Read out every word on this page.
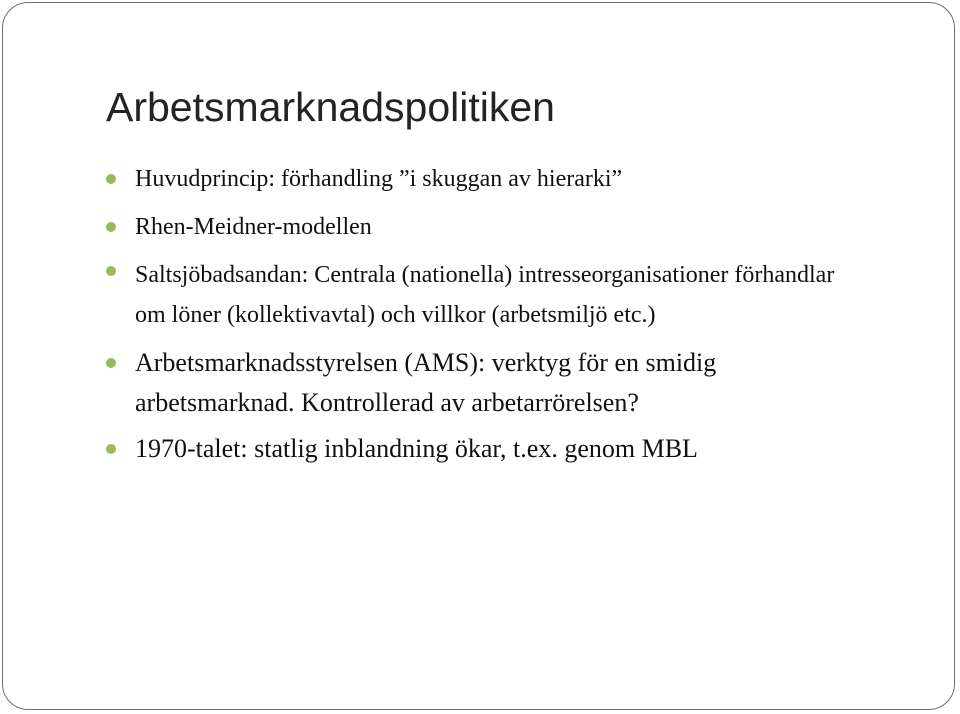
Arbetsmarknadspolitiken
Huvudprincip: förhandling ”i skuggan av hierarki”
Rhen-Meidner-modellen
Saltsjöbadsandan: Centrala (nationella) intresseorganisationer förhandlar om löner (kollektivavtal) och villkor (arbetsmiljö etc.)
Arbetsmarknadsstyrelsen (AMS): verktyg för en smidig arbetsmarknad. Kontrollerad av arbetarrörelsen?
1970-talet: statlig inblandning ökar, t.ex. genom MBL
